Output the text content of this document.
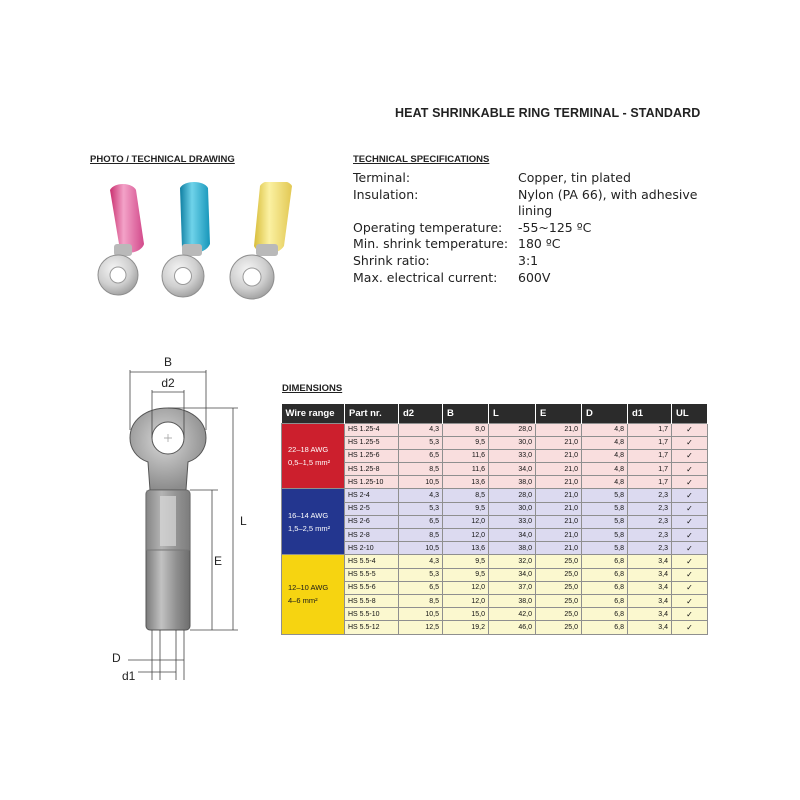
HEAT SHRINKABLE RING TERMINAL - STANDARD
PHOTO / TECHNICAL DRAWING	TECHNICAL SPECIFICATIONS
DIMENSIONS
Terminal:	Copper, tin plated
Insulation:	Nylon (PA 66), with adhesive lining
Operating temperature:	-55~125 ºC
Min. shrink temperature: 180 ºC
Shrink ratio:	3:1
Max. electrical current:	600V
B
d2
L
E
D
d1
Wire range	Part nr.	d2	B	L	E	D	d1	UL

22–18 AWG
0,5–1,5 mm²	HS 1.25-4	4,3	8,0	28,0	21,0	4,8	1,7	✓
	HS 1.25-5	5,3	9,5	30,0	21,0	4,8	1,7	✓
	HS 1.25-6	6,5	11,6	33,0	21,0	4,8	1,7	✓
	HS 1.25-8	8,5	11,6	34,0	21,0	4,8	1,7	✓
	HS 1.25-10	10,5	13,6	38,0	21,0	4,8	1,7	✓

16–14 AWG
1,5–2,5 mm²	HS 2-4	4,3	8,5	28,0	21,0	5,8	2,3	✓
	HS 2-5	5,3	9,5	30,0	21,0	5,8	2,3	✓
	HS 2-6	6,5	12,0	33,0	21,0	5,8	2,3	✓
	HS 2-8	8,5	12,0	34,0	21,0	5,8	2,3	✓
	HS 2-10	10,5	13,6	38,0	21,0	5,8	2,3	✓

12–10 AWG
4–6 mm²	HS 5.5-4	4,3	9,5	32,0	25,0	6,8	3,4	✓
	HS 5.5-5	5,3	9,5	34,0	25,0	6,8	3,4	✓
	HS 5.5-6	6,5	12,0	37,0	25,0	6,8	3,4	✓
	HS 5.5-8	8,5	12,0	38,0	25,0	6,8	3,4	✓
	HS 5.5-10	10,5	15,0	42,0	25,0	6,8	3,4	✓
	HS 5.5-12	12,5	19,2	46,0	25,0	6,8	3,4	✓
